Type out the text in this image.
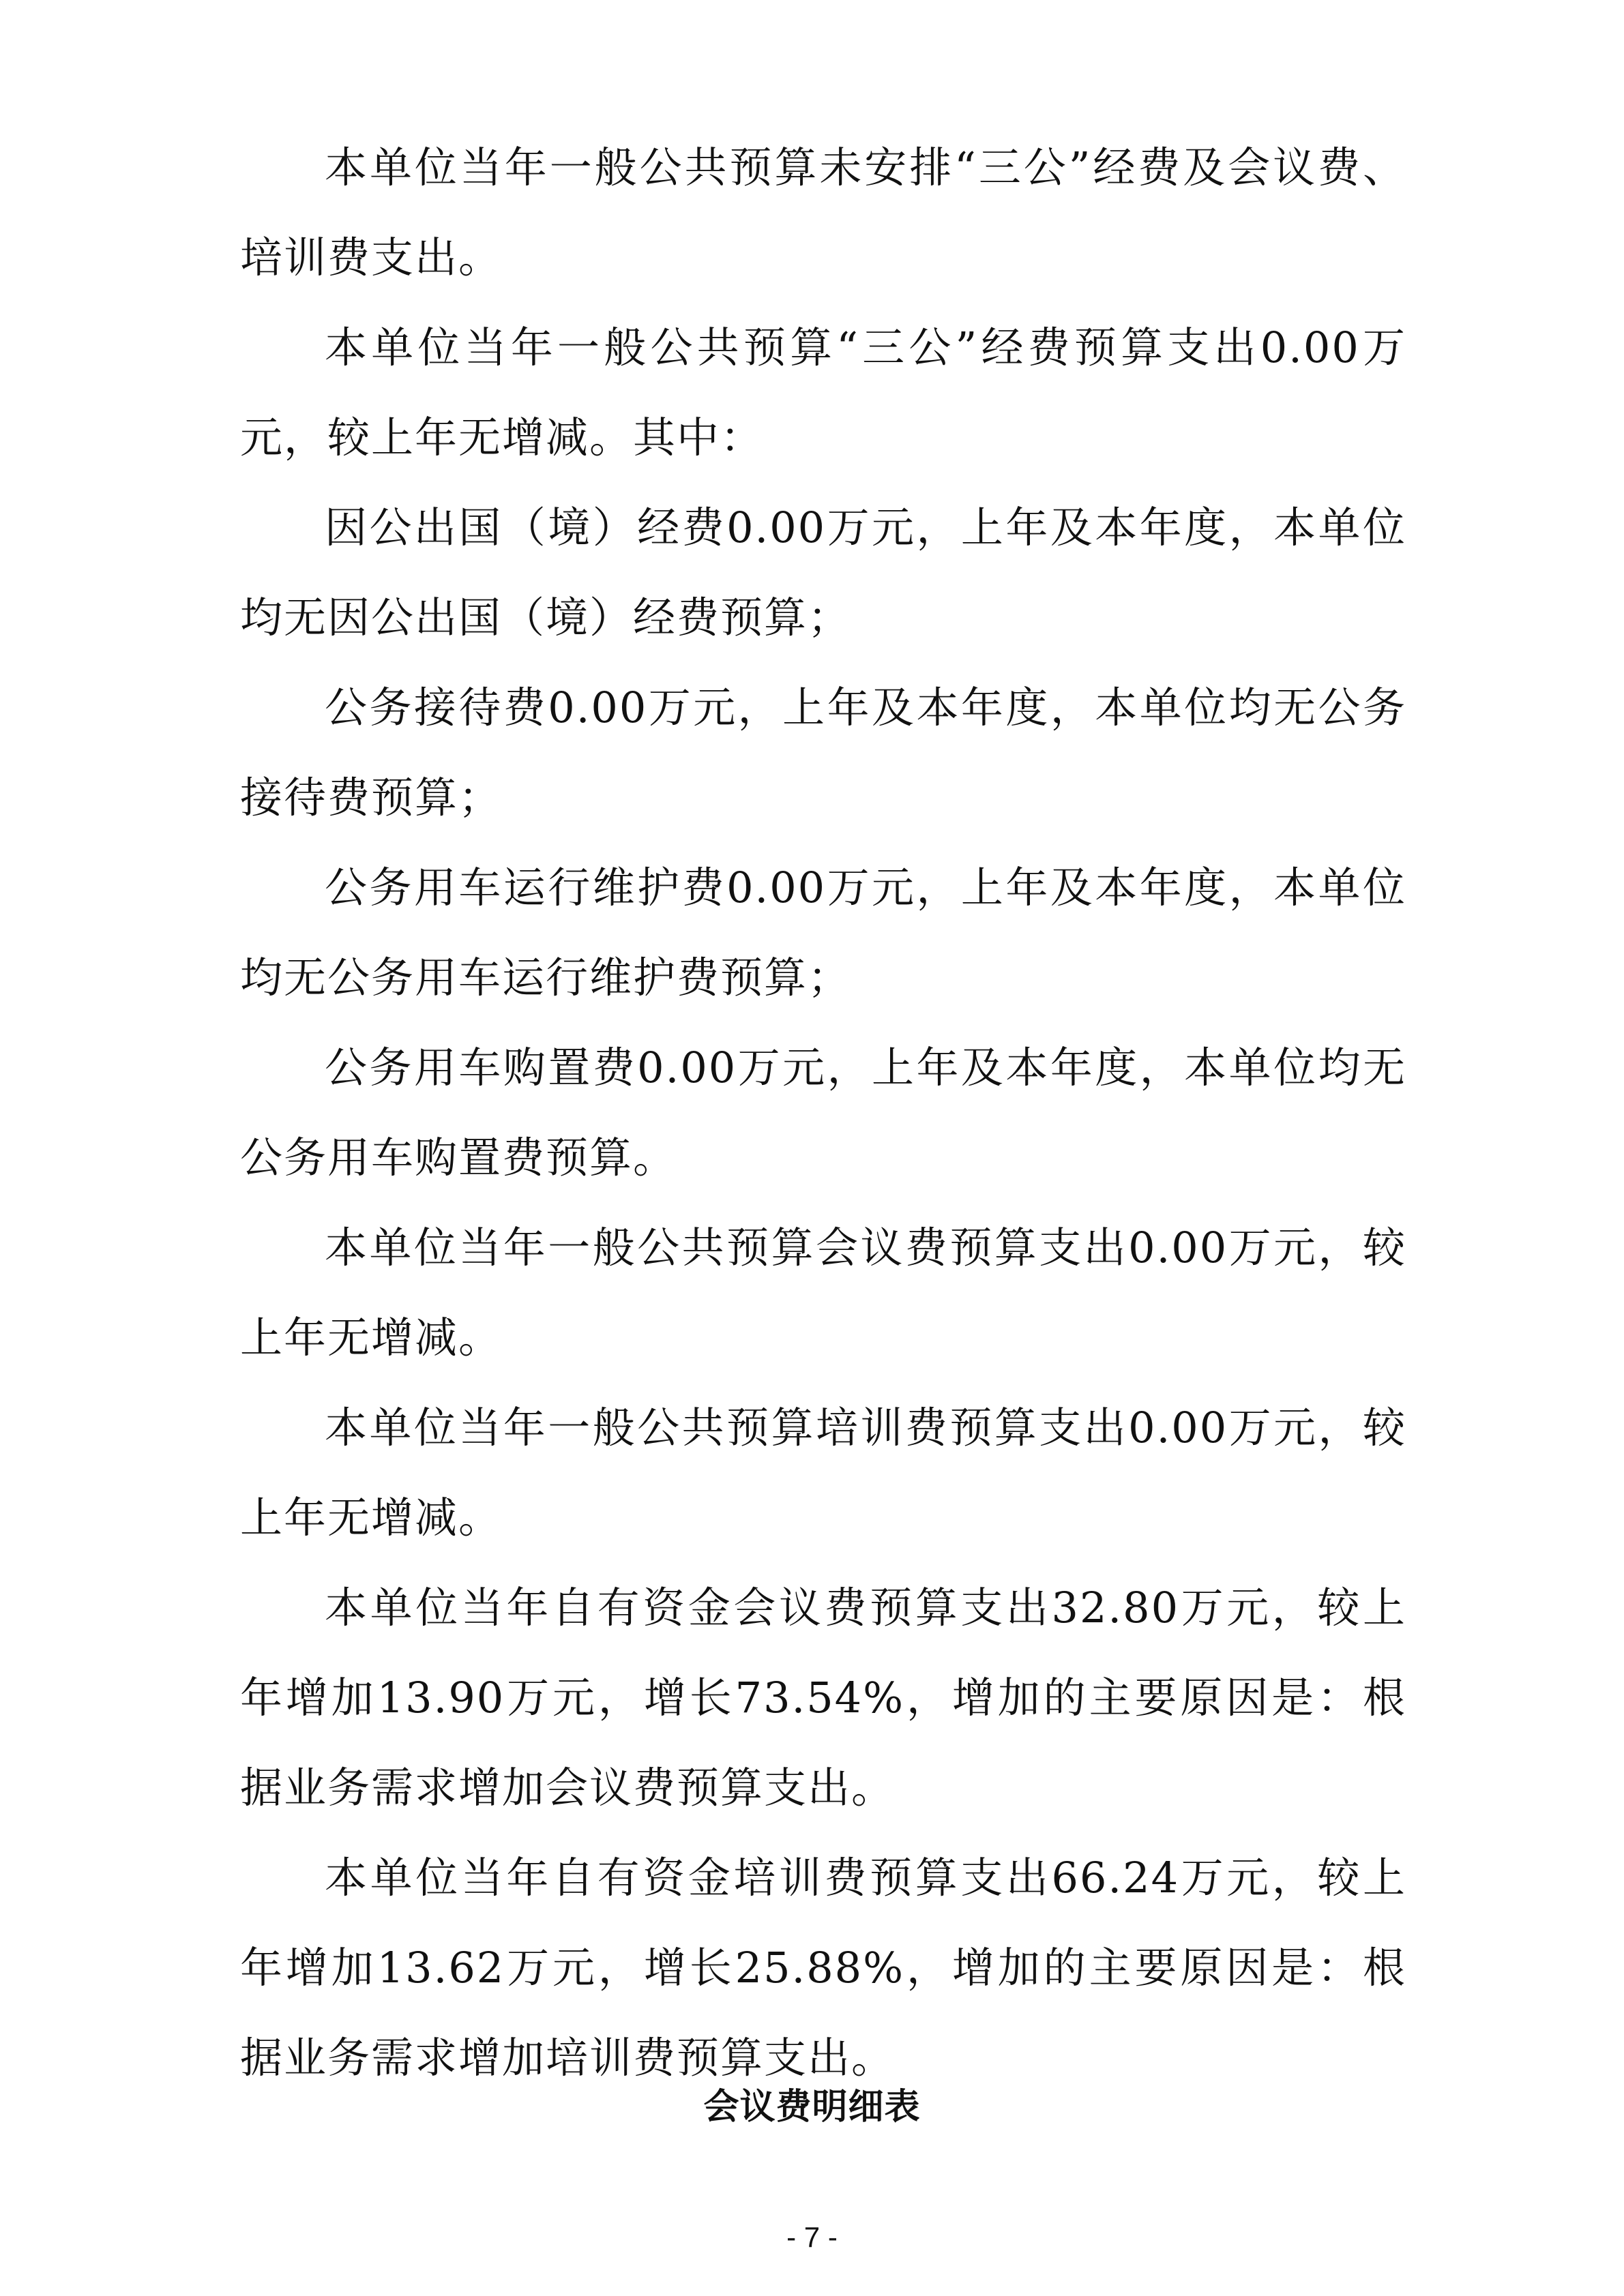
本单位当年一般公共预算未安排“三公”经费及会议费、培训费支出。

本单位当年一般公共预算“三公”经费预算支出0.00万元，较上年无增减。其中：

因公出国（境）经费0.00万元，上年及本年度，本单位均无因公出国（境）经费预算；

公务接待费0.00万元，上年及本年度，本单位均无公务接待费预算；

公务用车运行维护费0.00万元，上年及本年度，本单位均无公务用车运行维护费预算；

公务用车购置费0.00万元，上年及本年度，本单位均无公务用车购置费预算。

本单位当年一般公共预算会议费预算支出0.00万元，较上年无增减。

本单位当年一般公共预算培训费预算支出0.00万元，较上年无增减。

本单位当年自有资金会议费预算支出32.80万元，较上年增加13.90万元，增长73.54%，增加的主要原因是：根据业务需求增加会议费预算支出。

本单位当年自有资金培训费预算支出66.24万元，较上年增加13.62万元，增长25.88%，增加的主要原因是：根据业务需求增加培训费预算支出。

会议费明细表
- 7 -
